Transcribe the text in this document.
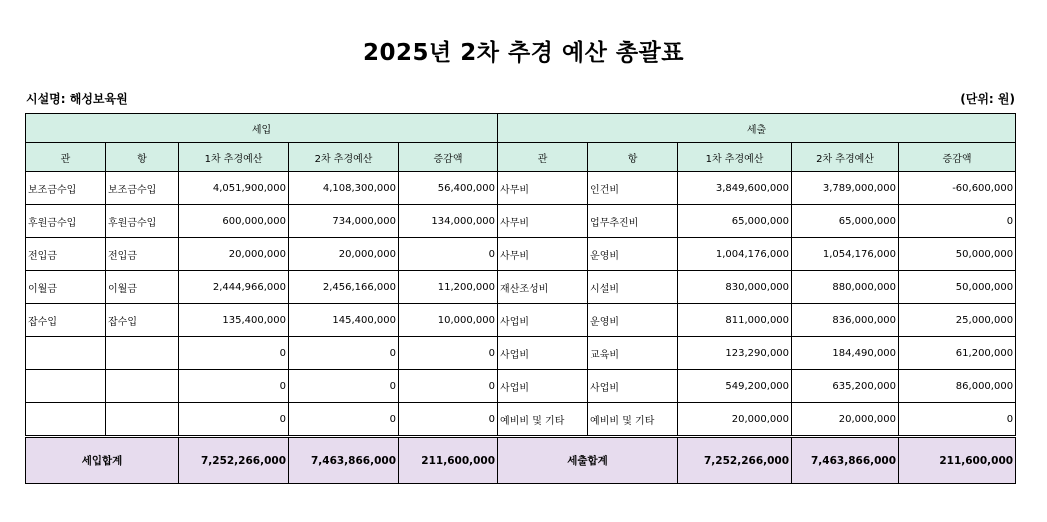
2025년 2차 추경 예산 총괄표
시설명: 해성보육원	(단위: 원)
세입					세출				
관	항	1차 추경예산	2차 추경예산	증감액	관	항	1차 추경예산	2차 추경예산	증감액
보조금수입	보조금수입	4,051,900,000	4,108,300,000	56,400,000	사무비	인건비	3,849,600,000	3,789,000,000	-60,600,000
후원금수입	후원금수입	600,000,000	734,000,000	134,000,000	사무비	업무추진비	65,000,000	65,000,000	0
전입금	전입금	20,000,000	20,000,000	0	사무비	운영비	1,004,176,000	1,054,176,000	50,000,000
이월금	이월금	2,444,966,000	2,456,166,000	11,200,000	재산조성비	시설비	830,000,000	880,000,000	50,000,000
잡수입	잡수입	135,400,000	145,400,000	10,000,000	사업비	운영비	811,000,000	836,000,000	25,000,000
		0	0	0	사업비	교육비	123,290,000	184,490,000	61,200,000
		0	0	0	사업비	사업비	549,200,000	635,200,000	86,000,000
		0	0	0	예비비 및 기타	예비비 및 기타	20,000,000	20,000,000	0
세입합계		7,252,266,000	7,463,866,000	211,600,000	세출합계		7,252,266,000	7,463,866,000	211,600,000
